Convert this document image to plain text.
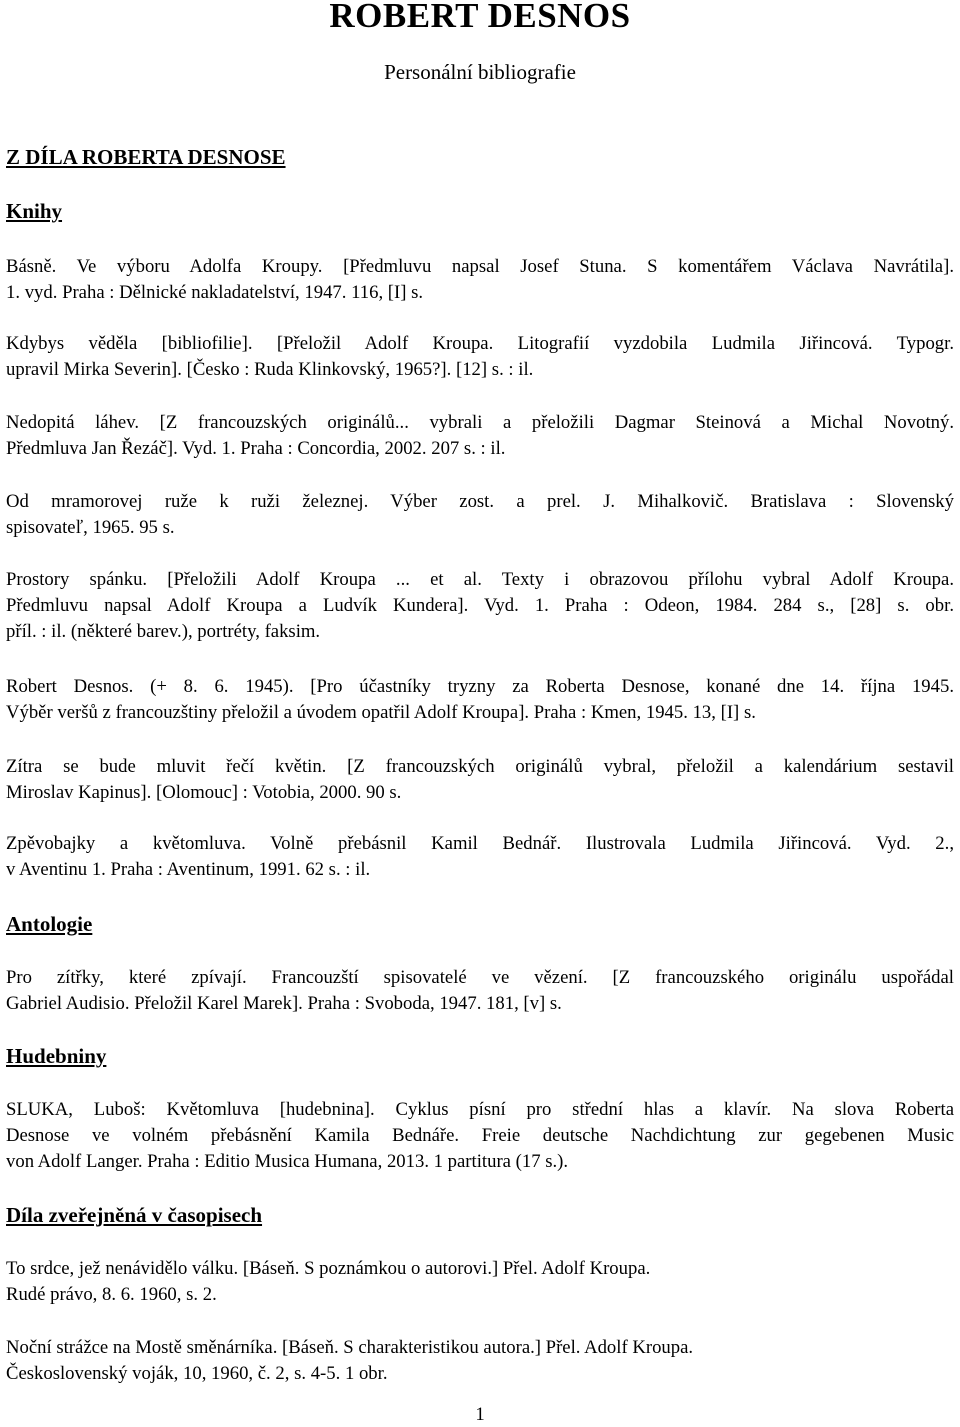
ROBERT DESNOS

Personální bibliografie

Z DÍLA ROBERTA DESNOSE

Knihy

Básně. Ve výboru Adolfa Kroupy. [Předmluvu napsal Josef Stuna. S komentářem Václava Navrátila].
1. vyd. Praha : Dělnické nakladatelství, 1947. 116, [I] s.
Kdybys věděla [bibliofilie]. [Přeložil Adolf Kroupa. Litografií vyzdobila Ludmila Jiřincová. Typogr.
upravil Mirka Severin]. [Česko : Ruda Klinkovský, 1965?]. [12] s. : il.
Nedopitá láhev. [Z francouzských originálů... vybrali a přeložili Dagmar Steinová a Michal Novotný.
Předmluva Jan Řezáč]. Vyd. 1. Praha : Concordia, 2002. 207 s. : il.
Od mramorovej ruže k ruži železnej. Výber zost. a prel. J. Mihalkovič. Bratislava : Slovenský
spisovateľ, 1965. 95 s.
Prostory spánku. [Přeložili Adolf Kroupa ... et al. Texty i obrazovou přílohu vybral Adolf Kroupa.
Předmluvu napsal Adolf Kroupa a Ludvík Kundera]. Vyd. 1. Praha : Odeon, 1984. 284 s., [28] s. obr.
příl. : il. (některé barev.), portréty, faksim.
Robert Desnos. (+ 8. 6. 1945). [Pro účastníky tryzny za Roberta Desnose, konané dne 14. října 1945.
Výběr veršů z francouzštiny přeložil a úvodem opatřil Adolf Kroupa]. Praha : Kmen, 1945. 13, [I] s.
Zítra se bude mluvit řečí květin. [Z francouzských originálů vybral, přeložil a kalendárium sestavil
Miroslav Kapinus]. [Olomouc] : Votobia, 2000. 90 s.
Zpěvobajky a květomluva. Volně přebásnil Kamil Bednář. Ilustrovala Ludmila Jiřincová. Vyd. 2.,
v Aventinu 1. Praha : Aventinum, 1991. 62 s. : il.

Antologie

Pro zítřky, které zpívají. Francouzští spisovatelé ve vězení. [Z francouzského originálu uspořádal
Gabriel Audisio. Přeložil Karel Marek]. Praha : Svoboda, 1947. 181, [v] s.

Hudebniny

SLUKA, Luboš: Květomluva [hudebnina]. Cyklus písní pro střední hlas a klavír. Na slova Roberta
Desnose ve volném přebásnění Kamila Bednáře. Freie deutsche Nachdichtung zur gegebenen Music
von Adolf Langer. Praha : Editio Musica Humana, 2013. 1 partitura (17 s.).

Díla zveřejněná v časopisech

To srdce, jež nenávidělo válku. [Báseň. S poznámkou o autorovi.] Přel. Adolf Kroupa.
Rudé právo, 8. 6. 1960, s. 2.
Noční strážce na Mostě směnárníka. [Báseň. S charakteristikou autora.] Přel. Adolf Kroupa.
Československý voják, 10, 1960, č. 2, s. 4-5. 1 obr.

1
